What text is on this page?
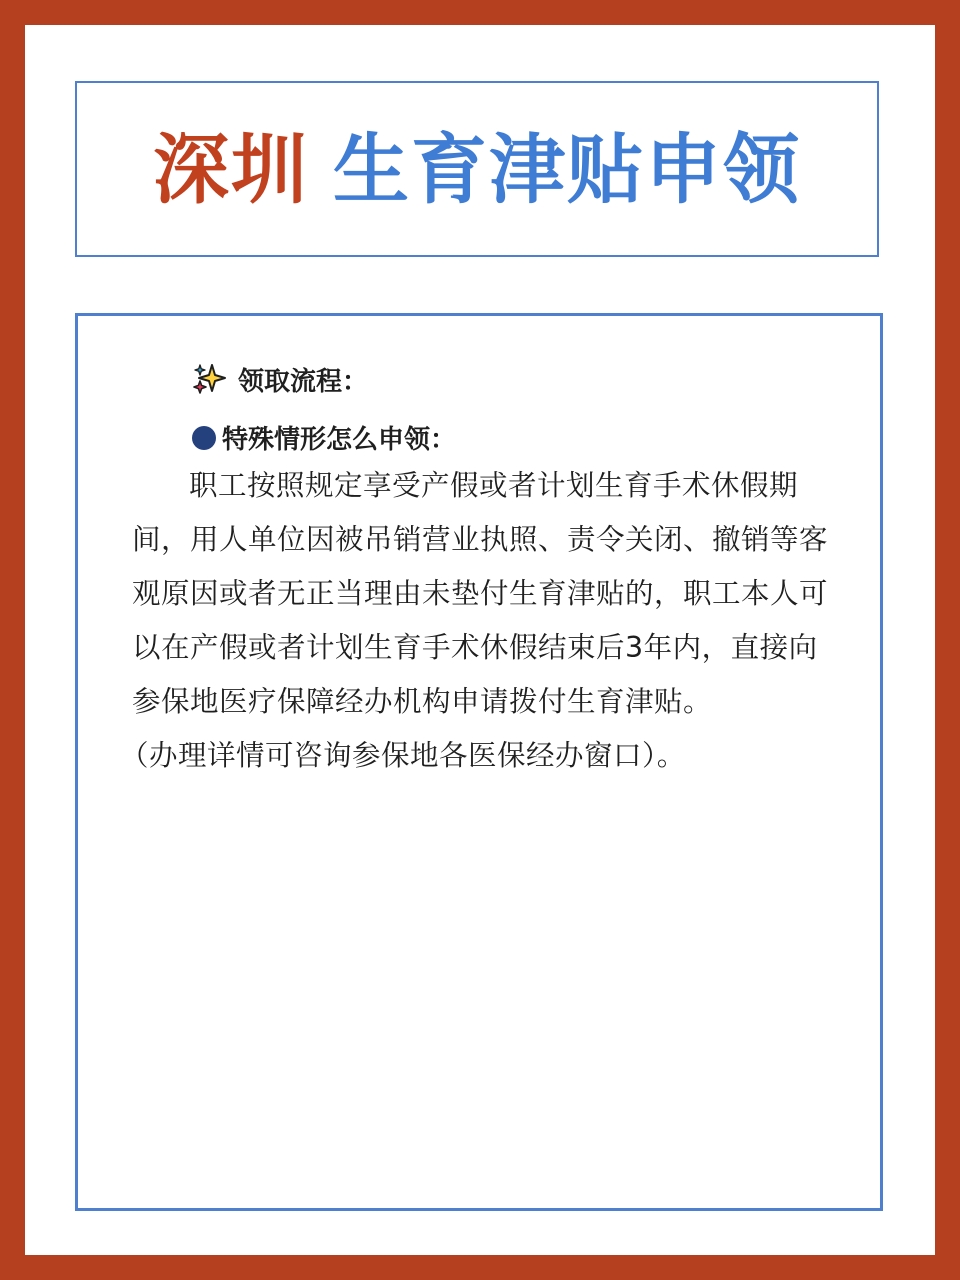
深圳 生育津贴申领
领取流程：
特殊情形怎么申领：

职工按照规定享受产假或者计划生育手术休假期间，用人单位因被吊销营业执照、责令关闭、撤销等客观原因或者无正当理由未垫付生育津贴的，职工本人可以在产假或者计划生育手术休假结束后3年内，直接向参保地医疗保障经办机构申请拨付生育津贴。

（办理详情可咨询参保地各医保经办窗口）。
